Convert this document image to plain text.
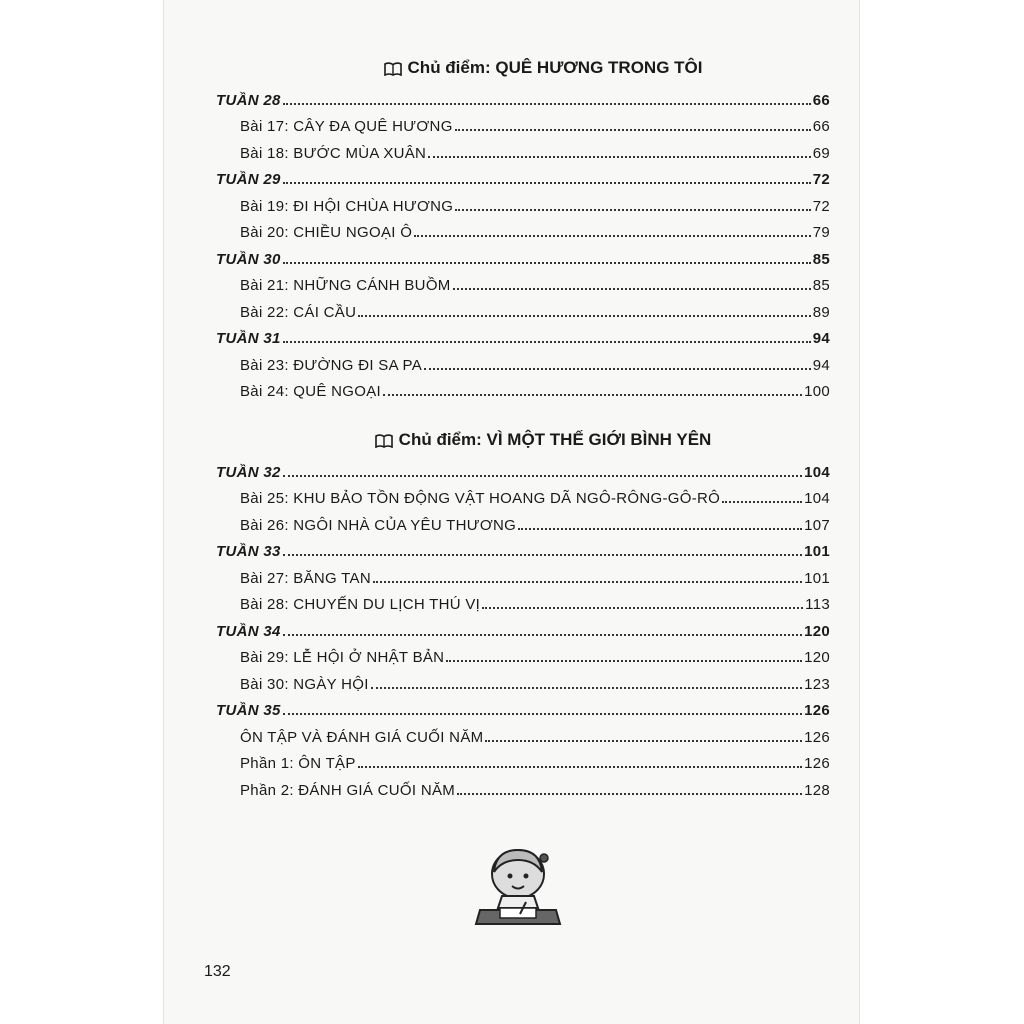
Chủ điểm: QUÊ HƯƠNG TRONG TÔI
TUẦN 28	66
Bài 17: CÂY ĐA QUÊ HƯƠNG	66
Bài 18: BƯỚC MÙA XUÂN	69
TUẦN 29	72
Bài 19: ĐI HỘI CHÙA HƯƠNG	72
Bài 20: CHIỀU NGOẠI Ô	79
TUẦN 30	85
Bài 21: NHỮNG CÁNH BUỒM	85
Bài 22: CÁI CẦU	89
TUẦN 31	94
Bài 23: ĐƯỜNG ĐI SA PA	94
Bài 24: QUÊ NGOẠI	100
Chủ điểm: VÌ MỘT THẾ GIỚI BÌNH YÊN
TUẦN 32	104
Bài 25: KHU BẢO TỒN ĐỘNG VẬT HOANG DÃ NGÔ-RÔNG-GÔ-RÔ	104
Bài 26: NGÔI NHÀ CỦA YÊU THƯƠNG	107
TUẦN 33	101
Bài 27: BĂNG TAN	101
Bài 28: CHUYẾN DU LỊCH THÚ VỊ	113
TUẦN 34	120
Bài 29: LỄ HỘI Ở NHẬT BẢN	120
Bài 30: NGÀY HỘI	123
TUẦN 35	126
ÔN TẬP VÀ ĐÁNH GIÁ CUỐI NĂM	126
Phần 1: ÔN TẬP	126
Phần 2: ĐÁNH GIÁ CUỐI NĂM	128
132
